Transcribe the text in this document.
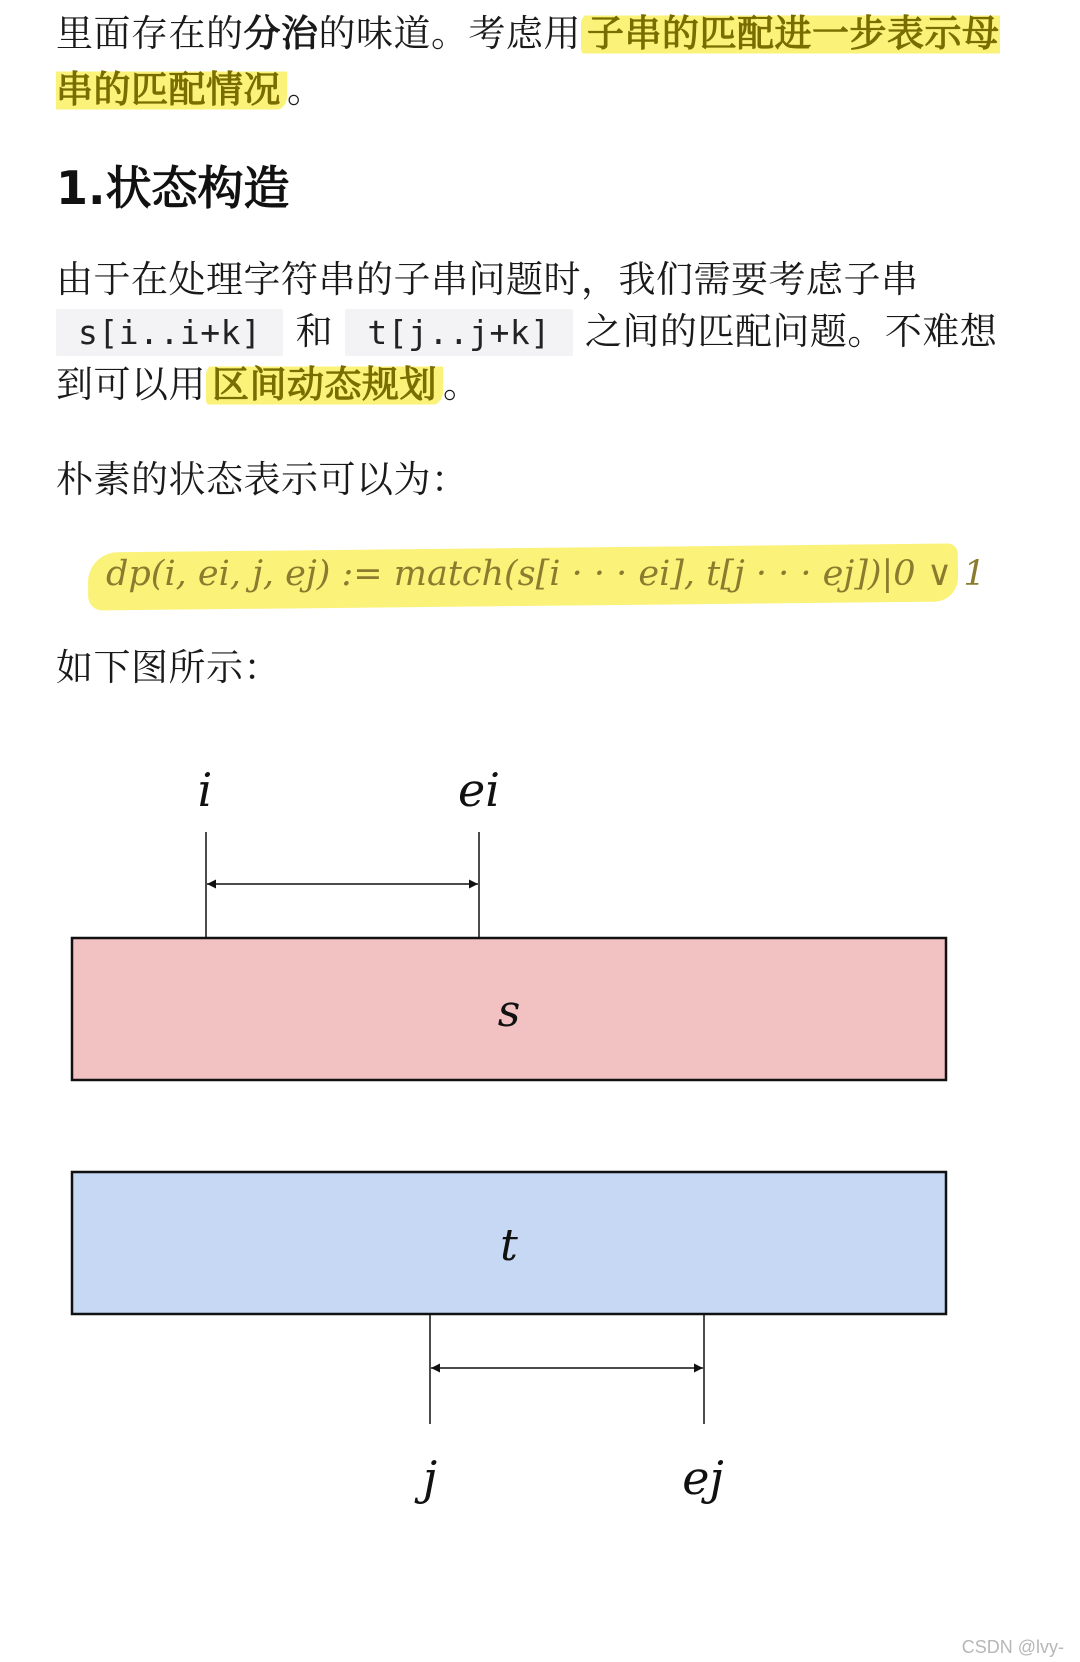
里面存在的分治的味道。考虑用 子串的匹配进一步表示母串的匹配情况 。

1.状态构造

由于在处理字符串的子串问题时，我们需要考虑子串 s[i..i+k] 和 t[j..j+k] 之间的匹配问题。不难想到可以用 区间动态规划 。

朴素的状态表示可以为：

dp(i, ei, j, ej) := match(s[i · · · ei], t[j · · · ej])|0 ∨ 1

如下图所示：

i	ei
s
t
j	ej
CSDN @lvy-
